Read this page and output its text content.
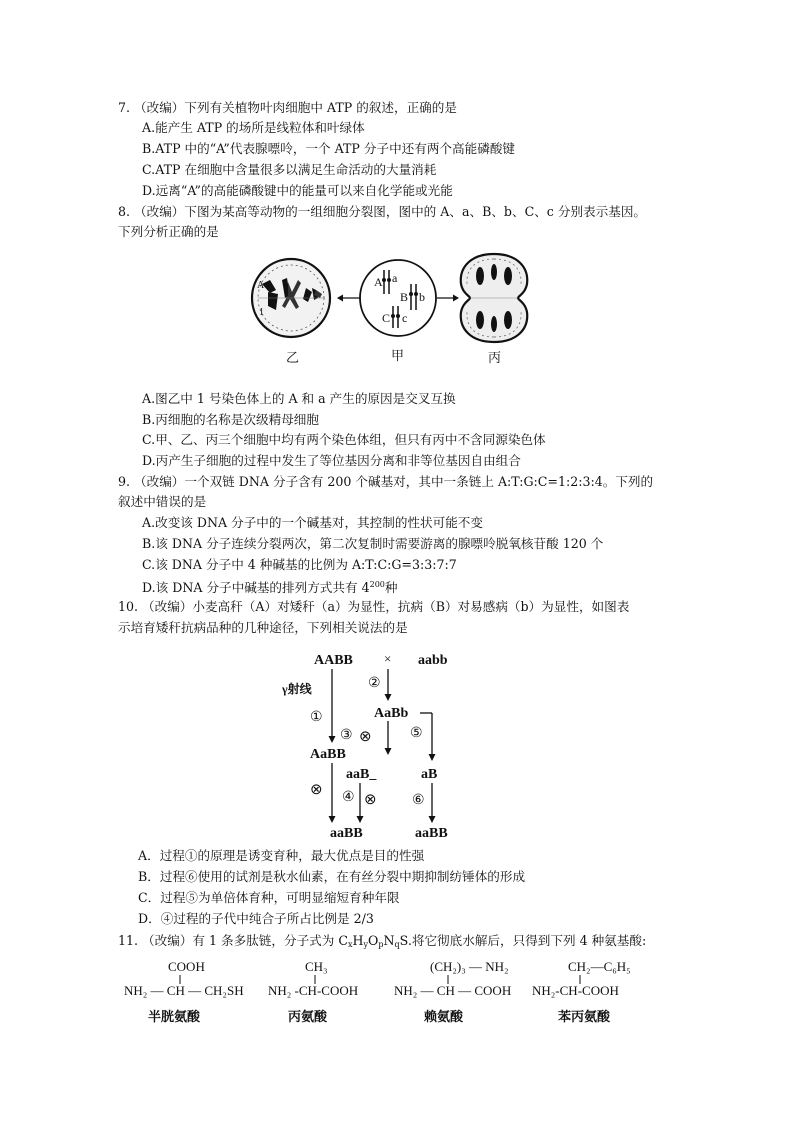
7. （改编）下列有关植物叶肉细胞中 ATP 的叙述，正确的是
A.能产生 ATP 的场所是线粒体和叶绿体
B.ATP 中的“A”代表腺嘌呤，一个 ATP 分子中还有两个高能磷酸键
C.ATP 在细胞中含量很多以满足生命活动的大量消耗
D.远离“A”的高能磷酸键中的能量可以来自化学能或光能
8. （改编）下图为某高等动物的一组细胞分裂图，图中的 A、a、B、b、C、c 分别表示基因。
下列分析正确的是
A
1
A a
B b
C c
乙	甲	丙
A.图乙中 1 号染色体上的 A 和 a 产生的原因是交叉互换
B.丙细胞的名称是次级精母细胞
C.甲、乙、丙三个细胞中均有两个染色体组，但只有丙中不含同源染色体
D.丙产生子细胞的过程中发生了等位基因分离和非等位基因自由组合
9. （改编）一个双链 DNA 分子含有 200 个碱基对，其中一条链上 A:T:G:C=1:2:3:4。下列的
叙述中错误的是
A.改变该 DNA 分子中的一个碱基对，其控制的性状可能不变
B.该 DNA 分子连续分裂两次，第二次复制时需要游离的腺嘌呤脱氧核苷酸 120 个
C.该 DNA 分子中 4 种碱基的比例为 A:T:C:G=3:3:7:7
D.该 DNA 分子中碱基的排列方式共有 $4^{200}$种
10. （改编）小麦高秆（A）对矮秆（a）为显性，抗病（B）对易感病（b）为显性，如图表
示培育矮秆抗病品种的几种途径，下列相关说法的是
AABB × aabb
γ射线
①
②
AaBb
③ ⊗	⑤
AaBB
aaB_	aB
⊗ ④ ⊗	⑥
aaBB	aaBB
A．过程①的原理是诱变育种，最大优点是目的性强
B．过程⑥使用的试剂是秋水仙素，在有丝分裂中期抑制纺锤体的形成
C．过程⑤为单倍体育种，可明显缩短育种年限
D．④过程的子代中纯合子所占比例是 2/3
11. （改编）有 1 条多肽链，分子式为 $C_xH_yO_pN_qS$.将它彻底水解后，只得到下列 4 种氨基酸:
COOH
NH₂ — CH — CH₂SH
半胱氨酸
CH₃
NH₂ -CH-COOH
丙氨酸
(CH₂)₃ — NH₂
NH₂ — CH — COOH
赖氨酸
CH₂—C₆H₅
NH₂-CH-COOH
苯丙氨酸
